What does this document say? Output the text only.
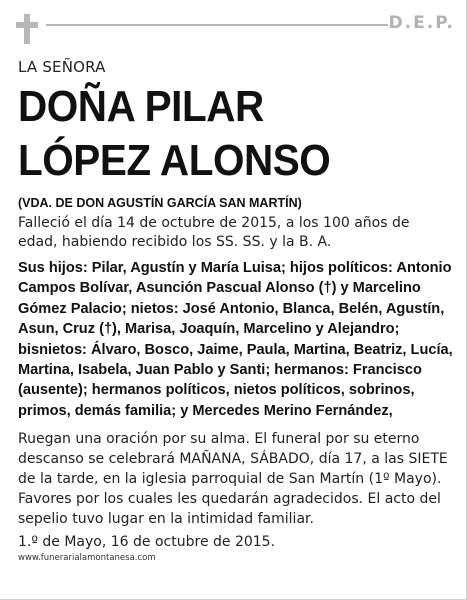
D.E.P.
LA SEÑORA
DOÑA PILAR
LÓPEZ ALONSO
(VDA. DE DON AGUSTÍN GARCÍA SAN MARTÍN)
Falleció el día 14 de octubre de 2015, a los 100 años de edad, habiendo recibido los SS. SS. y la B. A.
Sus hijos: Pilar, Agustín y María Luisa; hijos políticos: Antonio Campos Bolívar, Asunción Pascual Alonso (†) y Marcelino Gómez Palacio; nietos: José Antonio, Blanca, Belén, Agustín, Asun, Cruz (†), Marisa, Joaquín, Marcelino y Alejandro; bisnietos: Álvaro, Bosco, Jaime, Paula, Martina, Beatriz, Lucía, Martina, Isabela, Juan Pablo y Santi; hermanos: Francisco (ausente); hermanos políticos, nietos políticos, sobrinos, primos, demás familia; y Mercedes Merino Fernández,
Ruegan una oración por su alma. El funeral por su eterno descanso se celebrará MAÑANA, SÁBADO, día 17, a las SIETE de la tarde, en la iglesia parroquial de San Martín (1º Mayo). Favores por los cuales les quedarán agradecidos. El acto del sepelio tuvo lugar en la intimidad familiar.
1.º de Mayo, 16 de octubre de 2015.
www.funerarialamontanesa.com
